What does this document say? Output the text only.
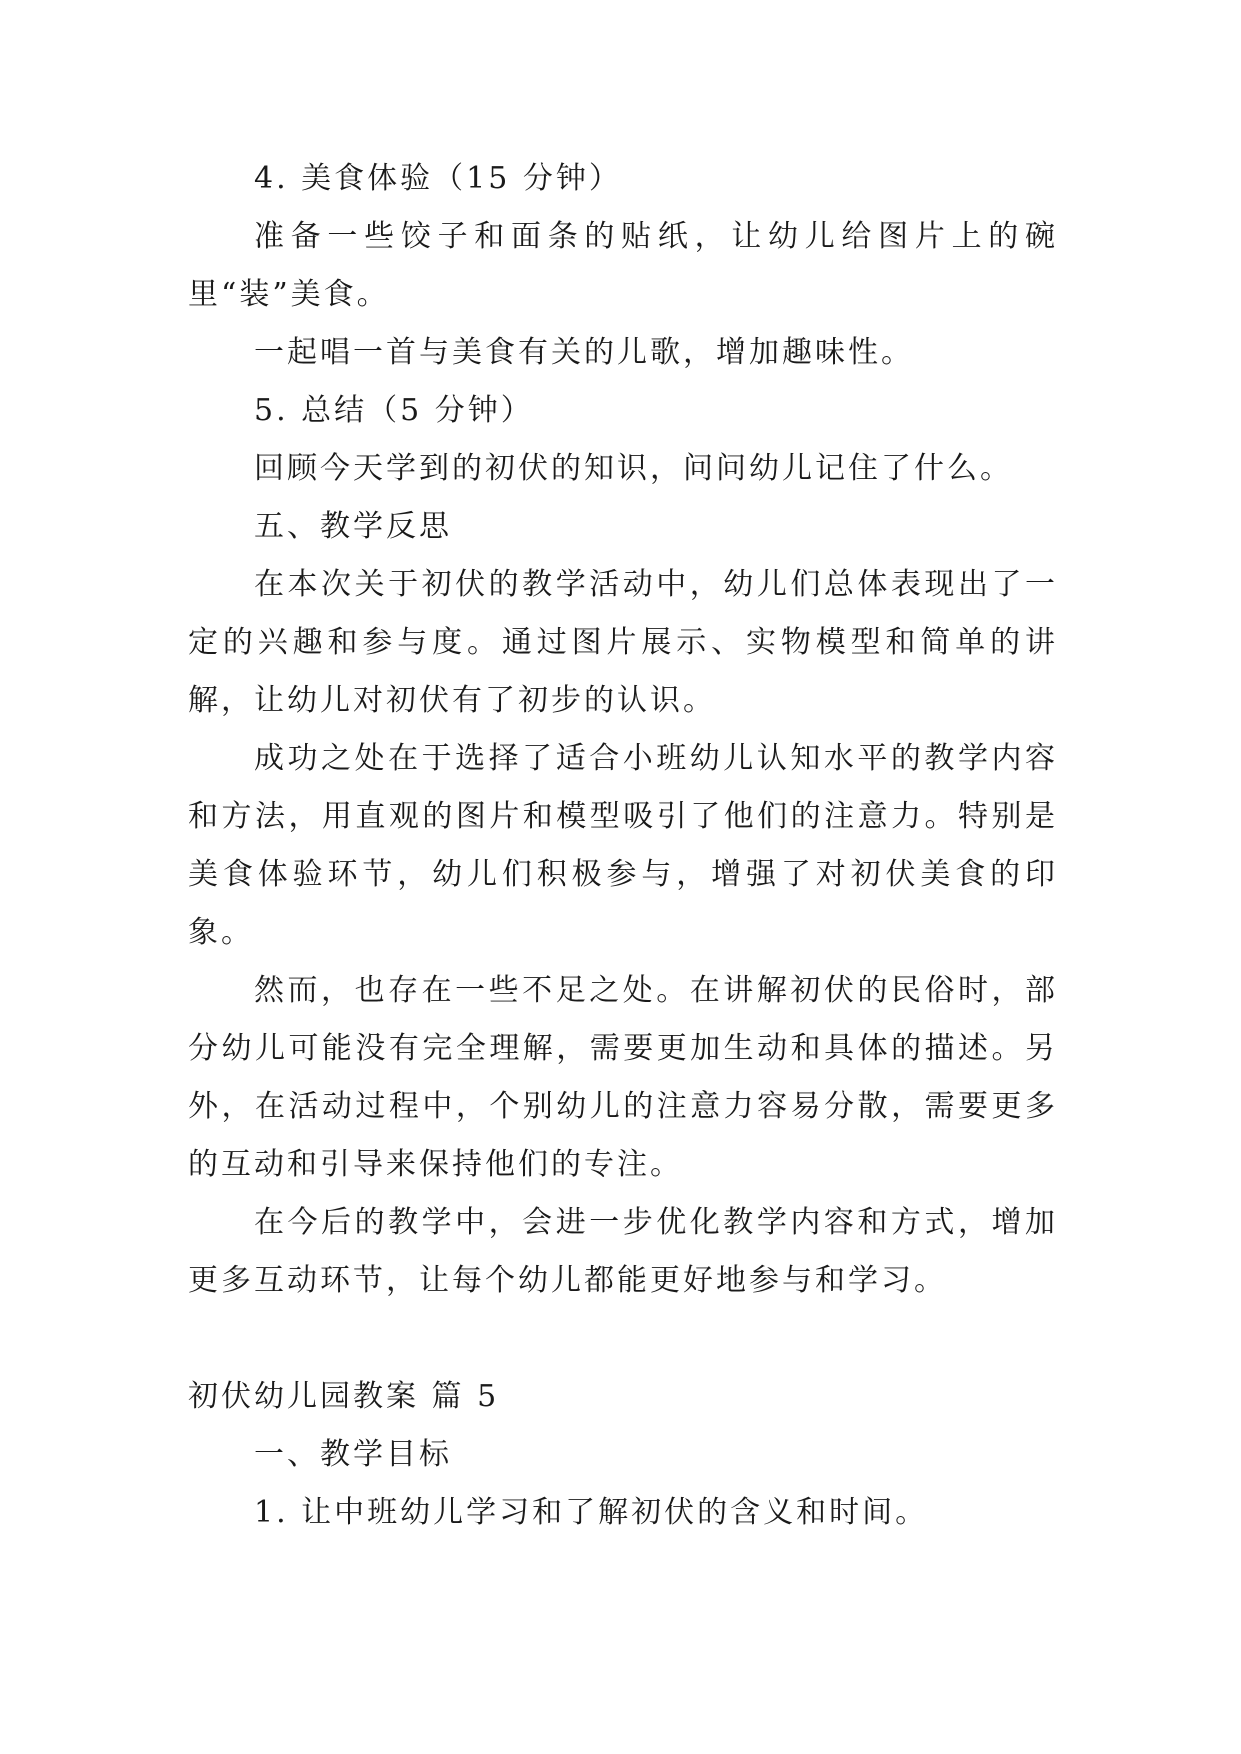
4. 美食体验（15 分钟）

准备一些饺子和面条的贴纸，让幼儿给图片上的碗里“装”美食。

一起唱一首与美食有关的儿歌，增加趣味性。

5. 总结（5 分钟）

回顾今天学到的初伏的知识，问问幼儿记住了什么。

五、教学反思

在本次关于初伏的教学活动中，幼儿们总体表现出了一定的兴趣和参与度。通过图片展示、实物模型和简单的讲解，让幼儿对初伏有了初步的认识。

成功之处在于选择了适合小班幼儿认知水平的教学内容和方法，用直观的图片和模型吸引了他们的注意力。特别是美食体验环节，幼儿们积极参与，增强了对初伏美食的印象。

然而，也存在一些不足之处。在讲解初伏的民俗时，部分幼儿可能没有完全理解，需要更加生动和具体的描述。另外，在活动过程中，个别幼儿的注意力容易分散，需要更多的互动和引导来保持他们的专注。

在今后的教学中，会进一步优化教学内容和方式，增加更多互动环节，让每个幼儿都能更好地参与和学习。

初伏幼儿园教案 篇 5

一、教学目标

1. 让中班幼儿学习和了解初伏的含义和时间。
